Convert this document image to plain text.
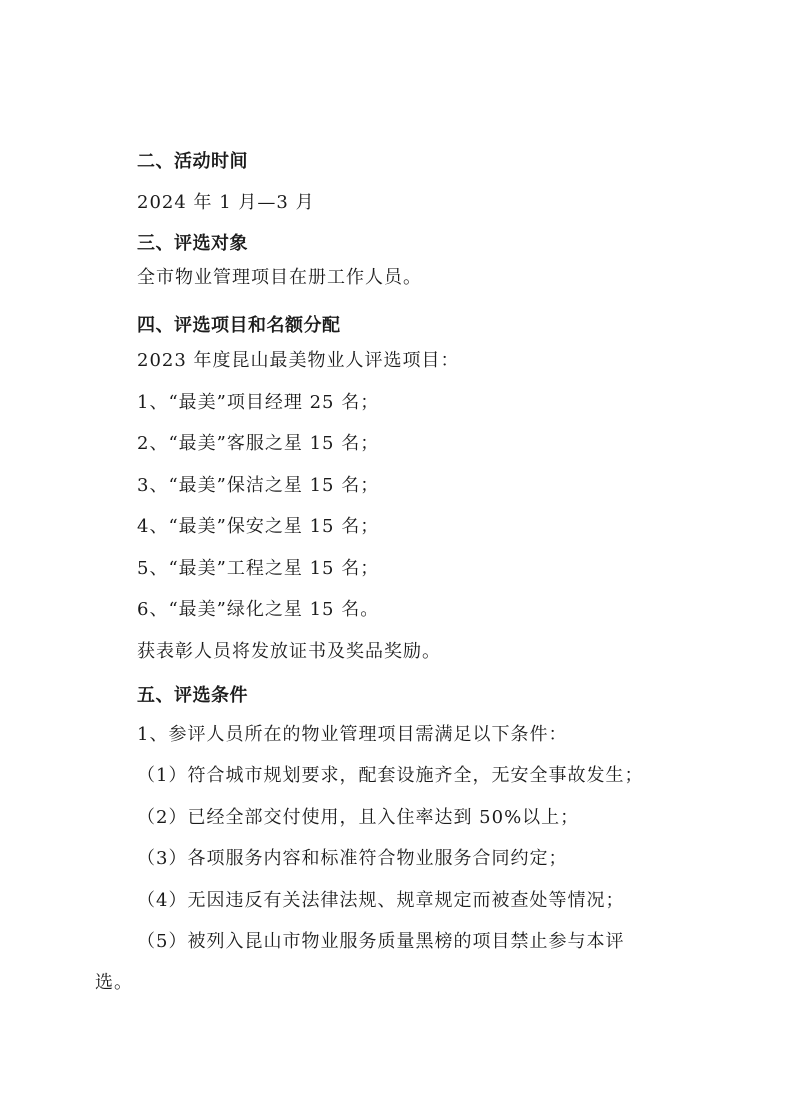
二、活动时间
2024 年 1 月—3 月
三、评选对象
全市物业管理项目在册工作人员。
四、评选项目和名额分配
2023 年度昆山最美物业人评选项目：
1、“最美”项目经理 25 名；
2、“最美”客服之星 15 名；
3、“最美”保洁之星 15 名；
4、“最美”保安之星 15 名；
5、“最美”工程之星 15 名；
6、“最美”绿化之星 15 名。
获表彰人员将发放证书及奖品奖励。
五、评选条件
1、参评人员所在的物业管理项目需满足以下条件：
（1）符合城市规划要求，配套设施齐全，无安全事故发生；
（2）已经全部交付使用，且入住率达到 50%以上；
（3）各项服务内容和标准符合物业服务合同约定；
（4）无因违反有关法律法规、规章规定而被查处等情况；
（5）被列入昆山市物业服务质量黑榜的项目禁止参与本评
选。
